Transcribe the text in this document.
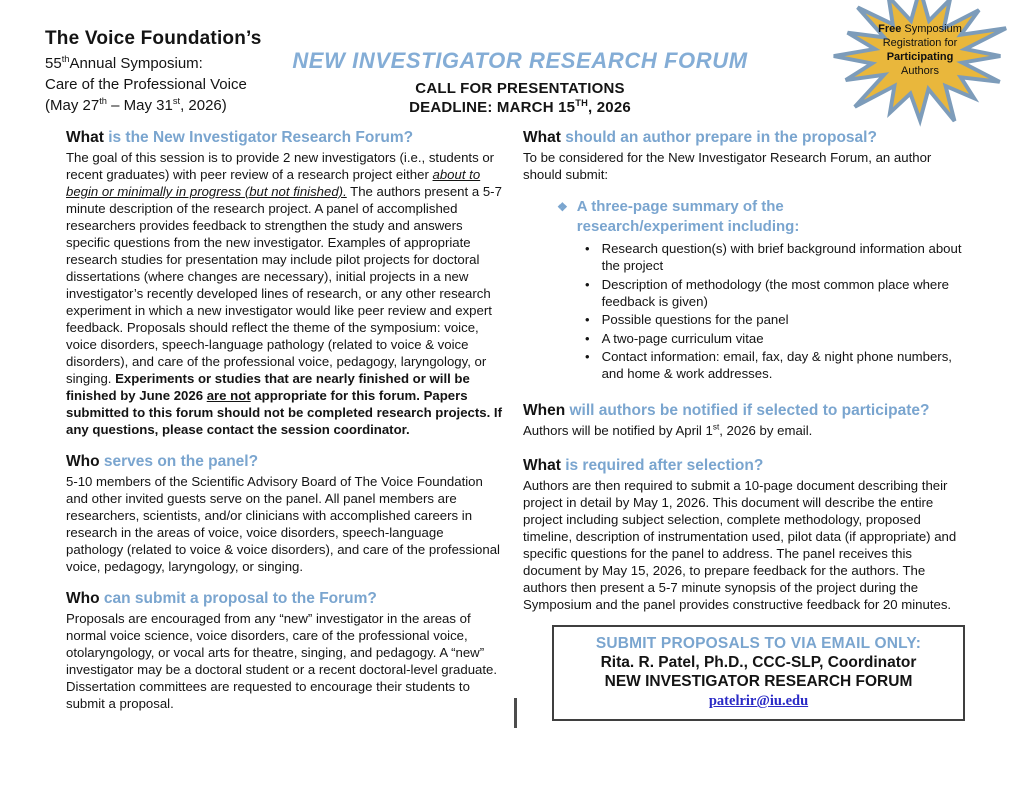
The Voice Foundation’s
55thAnnual Symposium:
Care of the Professional Voice
(May 27th – May 31st, 2026)
NEW INVESTIGATOR RESEARCH FORUM
CALL FOR PRESENTATIONS
DEADLINE: MARCH 15TH, 2026
Free Symposium
Registration for
Participating
Authors
What is the New Investigator Research Forum?

The goal of this session is to provide 2 new investigators (i.e., students or recent graduates) with peer review of a research project either about to begin or minimally in progress (but not finished). The authors present a 5-7 minute description of the research project. A panel of accomplished researchers provides feedback to strengthen the study and answers specific questions from the new investigator. Examples of appropriate research studies for presentation may include pilot projects for doctoral dissertations (where changes are necessary), initial projects in a new investigator’s recently developed lines of research, or any other research experiment in which a new investigator would like peer review and expert feedback. Proposals should reflect the theme of the symposium: voice, voice disorders, speech-language pathology (related to voice & voice disorders), and care of the professional voice, pedagogy, laryngology, or singing. Experiments or studies that are nearly finished or will be finished by June 2026 are not appropriate for this forum. Papers submitted to this forum should not be completed research projects. If any questions, please contact the session coordinator.

Who serves on the panel?

5-10 members of the Scientific Advisory Board of The Voice Foundation and other invited guests serve on the panel. All panel members are researchers, scientists, and/or clinicians with accomplished careers in research in the areas of voice, voice disorders, speech-language pathology (related to voice & voice disorders), and care of the professional voice, pedagogy, laryngology, or singing.

Who can submit a proposal to the Forum?

Proposals are encouraged from any “new” investigator in the areas of normal voice science, voice disorders, care of the professional voice, otolaryngology, or vocal arts for theatre, singing, and pedagogy. A “new” investigator may be a doctoral student or a recent doctoral-level graduate. Dissertation committees are requested to encourage their students to submit a proposal.

What should an author prepare in the proposal?

To be considered for the New Investigator Research Forum, an author should submit:

❖ A three-page summary of the research/experiment including:
• Research question(s) with brief background information about the project
• Description of methodology (the most common place where feedback is given)
• Possible questions for the panel
• A two-page curriculum vitae
• Contact information: email, fax, day & night phone numbers, and home & work addresses.
When will authors be notified if selected to participate?

Authors will be notified by April 1st, 2026 by email.

What is required after selection?

Authors are then required to submit a 10-page document describing their project in detail by May 1, 2026. This document will describe the entire project including subject selection, complete methodology, proposed timeline, description of instrumentation used, pilot data (if appropriate) and specific questions for the panel to address. The panel receives this document by May 15, 2026, to prepare feedback for the authors. The authors then present a 5-7 minute synopsis of the project during the Symposium and the panel provides constructive feedback for 20 minutes.

SUBMIT PROPOSALS TO VIA EMAIL ONLY:
Rita. R. Patel, Ph.D., CCC-SLP, Coordinator
NEW INVESTIGATOR RESEARCH FORUM
patelrir@iu.edu
